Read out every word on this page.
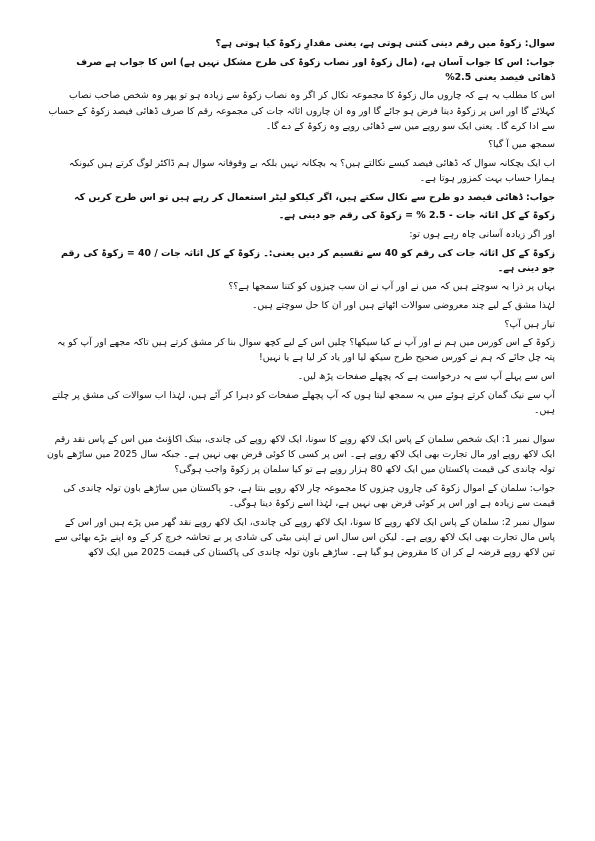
سوال: زکوۃ میں رقم دینی کتنی ہوتی ہے، یعنی مقدارِ زکوۃ کیا ہوتی ہے؟

جواب: اس کا جواب آسان ہے، (مال زکوۃ اور نصاب زکوۃ کی طرح مشکل نہیں ہے) اس کا جواب ہے صرف ڈھائی فیصد یعنی 2.5%

اس کا مطلب یہ ہے کہ چاروں مال زکوۃ کا مجموعہ نکال کر اگر وہ نصاب زکوۃ سے زیادہ ہو تو پھر وہ شخص صاحب نصاب کہلائے گا اور اس پر زکوۃ دینا فرض ہو جائے گا اور وہ ان چاروں اثاثہ جات کی مجموعہ رقم کا صرف ڈھائی فیصد زکوۃ کے حساب سے ادا کرے گا۔ یعنی ایک سو روپے میں سے ڈھائی روپے وہ زکوۃ کے دے گا۔

سمجھ میں آ گیا؟

اب ایک بچکانہ سوال کہ ڈھائی فیصد کیسے نکالتے ہیں؟ یہ بچکانہ نہیں بلکہ بے وقوفانہ سوال ہم ڈاکٹر لوگ کرتے ہیں کیونکہ ہمارا حساب بہت کمزور ہوتا ہے۔

جواب: ڈھائی فیصد دو طرح سے نکال سکتے ہیں، اگر کیلکو لیٹر استعمال کر رہے ہیں تو اس طرح کریں کہ

زکوۃ کے کل اثاثہ جات - 2.5 % = زکوۃ کی رقم جو دینی ہے۔

اور اگر زیادہ آسانی چاہ رہے ہوں تو:

زکوۃ کے کل اثاثہ جات کی رقم کو 40 سے تقسیم کر دیں یعنی:۔ زکوۃ کے کل اثاثہ جات / 40 = زکوۃ کی رقم جو دینی ہے۔

یہاں پر ذرا یہ سوچتے ہیں کہ میں نے اور آپ نے ان سب چیزوں کو کتنا سمجھا ہے؟؟

لہٰذا مشق کے لیے چند معروضی سوالات اٹھاتے ہیں اور ان کا حل سوچتے ہیں۔

تیار ہیں آپ؟

زکوۃ کے اس کورس میں ہم نے اور آپ نے کیا سیکھا؟ چلیں اس کے لیے کچھ سوال بنا کر مشق کرتے ہیں تاکہ مجھے اور آپ کو یہ پتہ چل جائے کہ ہم نے کورس صحیح طرح سیکھ لیا اور یاد کر لیا ہے یا نہیں!

اس سے پہلے آپ سے یہ درخواست ہے کہ پچھلے صفحات پڑھ لیں۔

آپ سے نیک گمان کرتے ہوئے میں یہ سمجھ لیتا ہوں کہ آپ پچھلے صفحات کو دہرا کر آئے ہیں، لہٰذا اب سوالات کی مشق پر چلتے ہیں۔

سوال نمبر 1: ایک شخص سلمان کے پاس ایک لاکھ روپے کا سونا، ایک لاکھ روپے کی چاندی، بینک اکاؤنٹ میں اس کے پاس نقد رقم ایک لاکھ روپے اور مال تجارت بھی ایک لاکھ روپے ہے۔ اس پر کسی کا کوئی قرض بھی نہیں ہے۔ جبکہ سال 2025 میں ساڑھے باون تولہ چاندی کی قیمت پاکستان میں ایک لاکھ 80 ہزار روپے ہے تو کیا سلمان پر زکوۃ واجب ہوگی؟

جواب: سلمان کے اموال زکوۃ کی چاروں چیزوں کا مجموعہ چار لاکھ روپے بنتا ہے، جو پاکستان میں ساڑھے باون تولہ چاندی کی قیمت سے زیادہ ہے اور اس پر کوئی قرض بھی نہیں ہے، لہٰذا اسے زکوۃ دینا ہوگی۔

سوال نمبر 2: سلمان کے پاس ایک لاکھ روپے کا سونا، ایک لاکھ روپے کی چاندی، ایک لاکھ روپے نقد گھر میں پڑے ہیں اور اس کے پاس مال تجارت بھی ایک لاکھ روپے ہے۔ لیکن اس سال اس نے اپنی بیٹی کی شادی پر بے تحاشہ خرچ کر کے وہ اپنے بڑے بھائی سے تین لاکھ روپے قرضہ لے کر ان کا مقروض ہو گیا ہے۔ ساڑھے باون تولہ چاندی کی پاکستان کی قیمت 2025 میں ایک لاکھ
